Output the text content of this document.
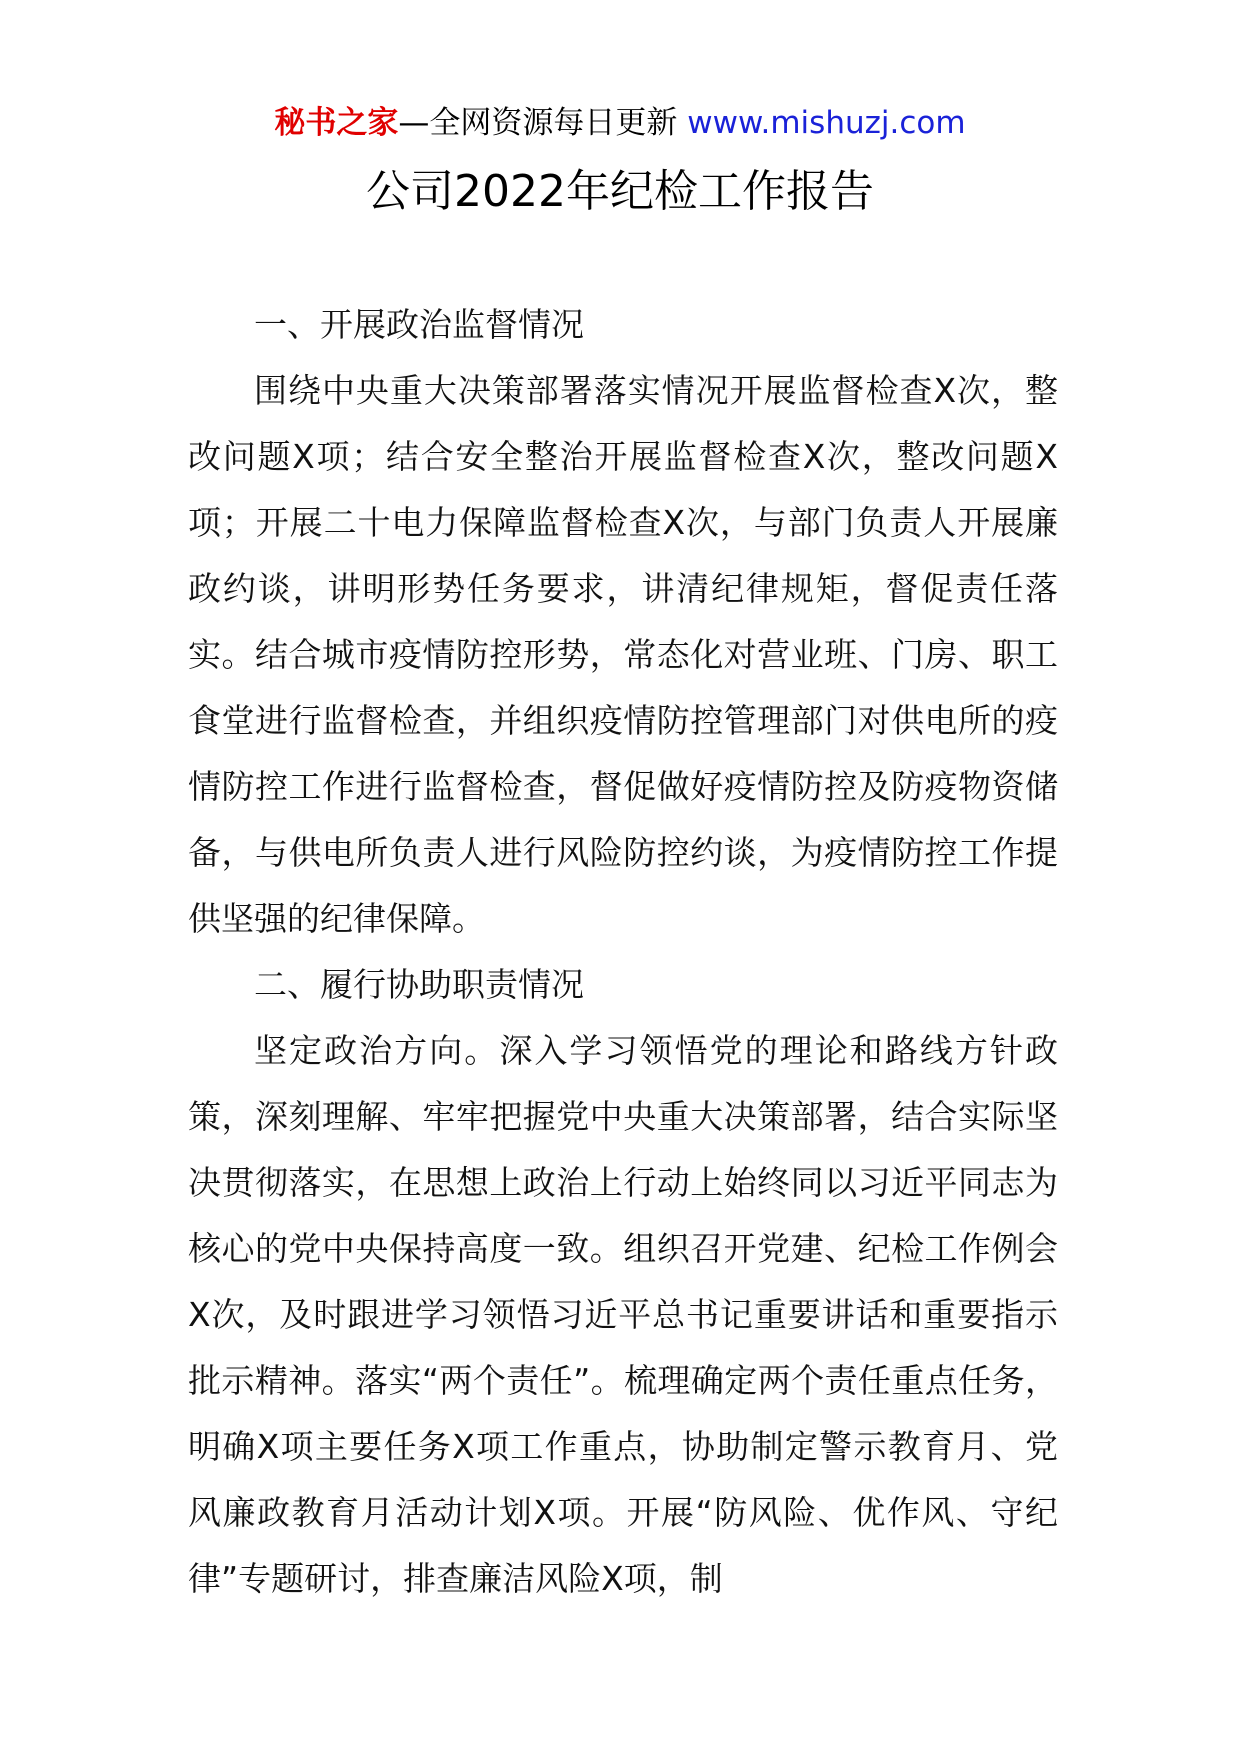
秘书之家—全网资源每日更新 www.mishuzj.com
公司2022年纪检工作报告

一、开展政治监督情况

围绕中央重大决策部署落实情况开展监督检查X次，整改问题X项；结合安全整治开展监督检查X次，整改问题X项；开展二十电力保障监督检查X次，与部门负责人开展廉政约谈，讲明形势任务要求，讲清纪律规矩，督促责任落实。结合城市疫情防控形势，常态化对营业班、门房、职工食堂进行监督检查，并组织疫情防控管理部门对供电所的疫情防控工作进行监督检查，督促做好疫情防控及防疫物资储备，与供电所负责人进行风险防控约谈，为疫情防控工作提供坚强的纪律保障。

二、履行协助职责情况

坚定政治方向。深入学习领悟党的理论和路线方针政策，深刻理解、牢牢把握党中央重大决策部署，结合实际坚决贯彻落实，在思想上政治上行动上始终同以习近平同志为核心的党中央保持高度一致。组织召开党建、纪检工作例会X次，及时跟进学习领悟习近平总书记重要讲话和重要指示批示精神。落实“两个责任”。梳理确定两个责任重点任务，明确X项主要任务X项工作重点，协助制定警示教育月、党风廉政教育月活动计划X项。开展“防风险、优作风、守纪律”专题研讨，排查廉洁风险X项，制
